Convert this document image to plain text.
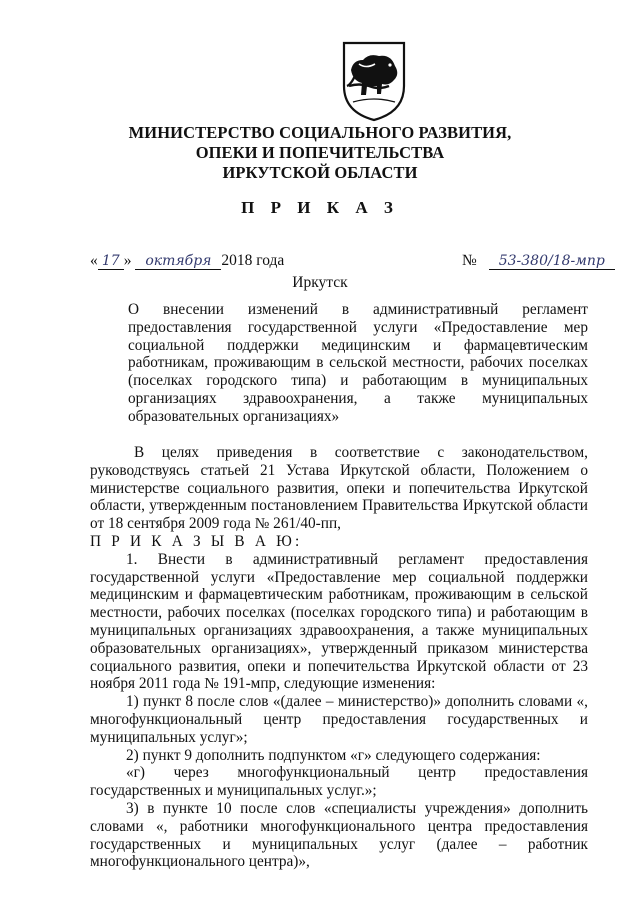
МИНИСТЕРСТВО СОЦИАЛЬНОГО РАЗВИТИЯ,
ОПЕКИ И ПОПЕЧИТЕЛЬСТВА
ИРКУТСКОЙ ОБЛАСТИ
П Р И К А З
« 17 » октября 2018 года	№ 53-380/18-мпр
Иркутск
О внесении изменений в административный регламент предоставления государственной услуги «Предоставление мер социальной поддержки медицинским и фармацевтическим работникам, проживающим в сельской местности, рабочих поселках (поселках городского типа) и работающим в муниципальных организациях здравоохранения, а также муниципальных образовательных организациях»

В целях приведения в соответствие с законодательством, руководствуясь статьей 21 Устава Иркутской области, Положением о министерстве социального развития, опеки и попечительства Иркутской области, утвержденным постановлением Правительства Иркутской области от 18 сентября 2009 года № 261/40-пп,

П Р И К А З Ы В А Ю:

1. Внести в административный регламент предоставления государственной услуги «Предоставление мер социальной поддержки медицинским и фармацевтическим работникам, проживающим в сельской местности, рабочих поселках (поселках городского типа) и работающим в муниципальных организациях здравоохранения, а также муниципальных образовательных организациях», утвержденный приказом министерства социального развития, опеки и попечительства Иркутской области от 23 ноября 2011 года № 191-мпр, следующие изменения:

1) пункт 8 после слов «(далее – министерство)» дополнить словами «, многофункциональный центр предоставления государственных и муниципальных услуг»;

2) пункт 9 дополнить подпунктом «г» следующего содержания:

«г) через многофункциональный центр предоставления государственных и муниципальных услуг.»;

3) в пункте 10 после слов «специалисты учреждения» дополнить словами «, работники многофункционального центра предоставления государственных и муниципальных услуг (далее – работник многофункционального центра)»,
